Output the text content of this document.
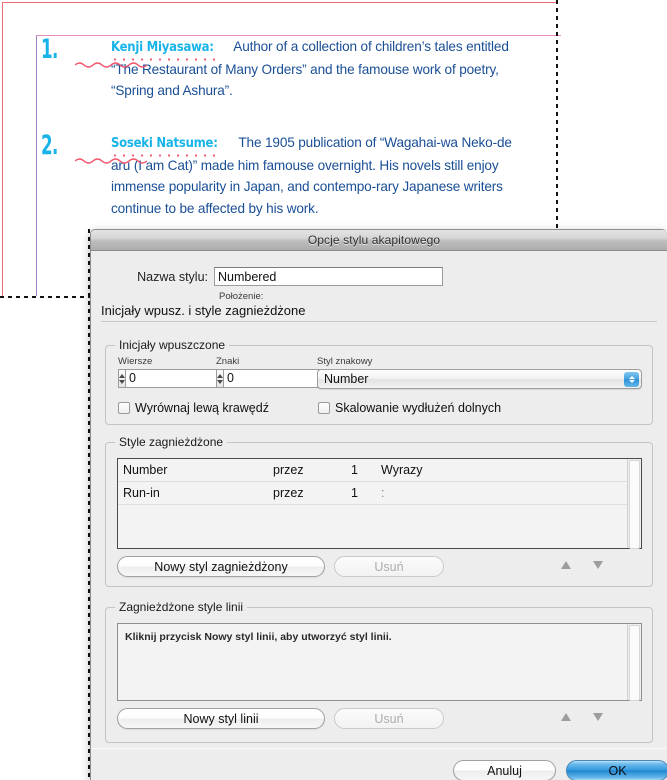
1.	Kenji Miyasawa: Author of a collection of children’s tales entitled “The Restaurant of Many Orders” and the famouse work of poetry, “Spring and Ashura”.
2.	Soseki Natsume: The 1905 publication of “Wagahai-wa Neko-de aru (I am Cat)” made him famouse overnight. His novels still enjoy immense popularity in Japan, and contempo-rary Japanese writers continue to be affected by his work.
Opcje stylu akapitowego
Nazwa stylu:
Numbered
Położenie:
Inicjały wpusz. i style zagnieżdżone
Inicjały wpuszczone
Wiersze
0	Znaki
0	Styl znakowy
Number
Wyrównaj lewą krawędź	Skalowanie wydłużeń dolnych
Style zagnieżdżone
Number	przez	1	Wyrazy
Run-in	przez	1	:
Nowy styl zagnieżdżony	Usuń
Zagnieżdżone style linii
Kliknij przycisk Nowy styl linii, aby utworzyć styl linii.
Nowy styl linii	Usuń
Anuluj	OK
